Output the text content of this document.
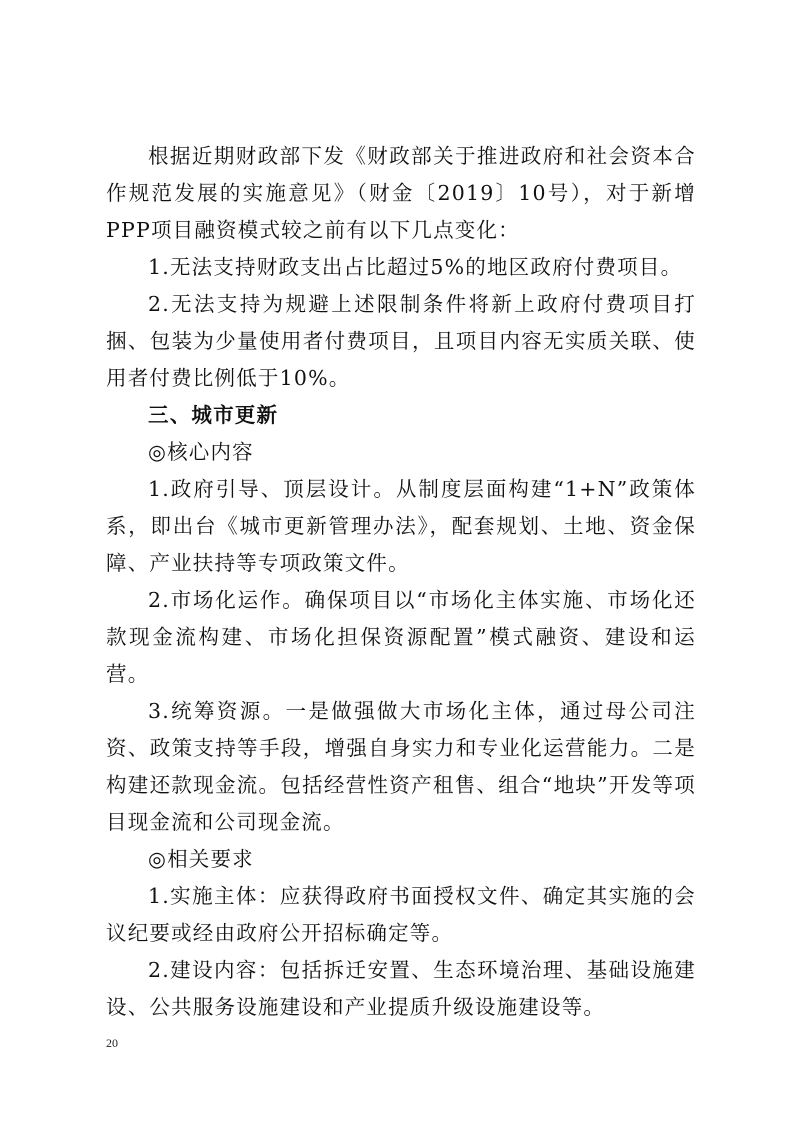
根据近期财政部下发《财政部关于推进政府和社会资本合作规范发展的实施意见》（财金〔2019〕10号），对于新增PPP项目融资模式较之前有以下几点变化：

1.无法支持财政支出占比超过5%的地区政府付费项目。

2.无法支持为规避上述限制条件将新上政府付费项目打捆、包装为少量使用者付费项目，且项目内容无实质关联、使用者付费比例低于10%。

三、城市更新

◎核心内容

1.政府引导、顶层设计。从制度层面构建“1+N”政策体系，即出台《城市更新管理办法》，配套规划、土地、资金保障、产业扶持等专项政策文件。

2.市场化运作。确保项目以“市场化主体实施、市场化还款现金流构建、市场化担保资源配置”模式融资、建设和运营。

3.统筹资源。一是做强做大市场化主体，通过母公司注资、政策支持等手段，增强自身实力和专业化运营能力。二是构建还款现金流。包括经营性资产租售、组合“地块”开发等项目现金流和公司现金流。

◎相关要求

1.实施主体：应获得政府书面授权文件、确定其实施的会议纪要或经由政府公开招标确定等。

2.建设内容：包括拆迁安置、生态环境治理、基础设施建设、公共服务设施建设和产业提质升级设施建设等。

20
